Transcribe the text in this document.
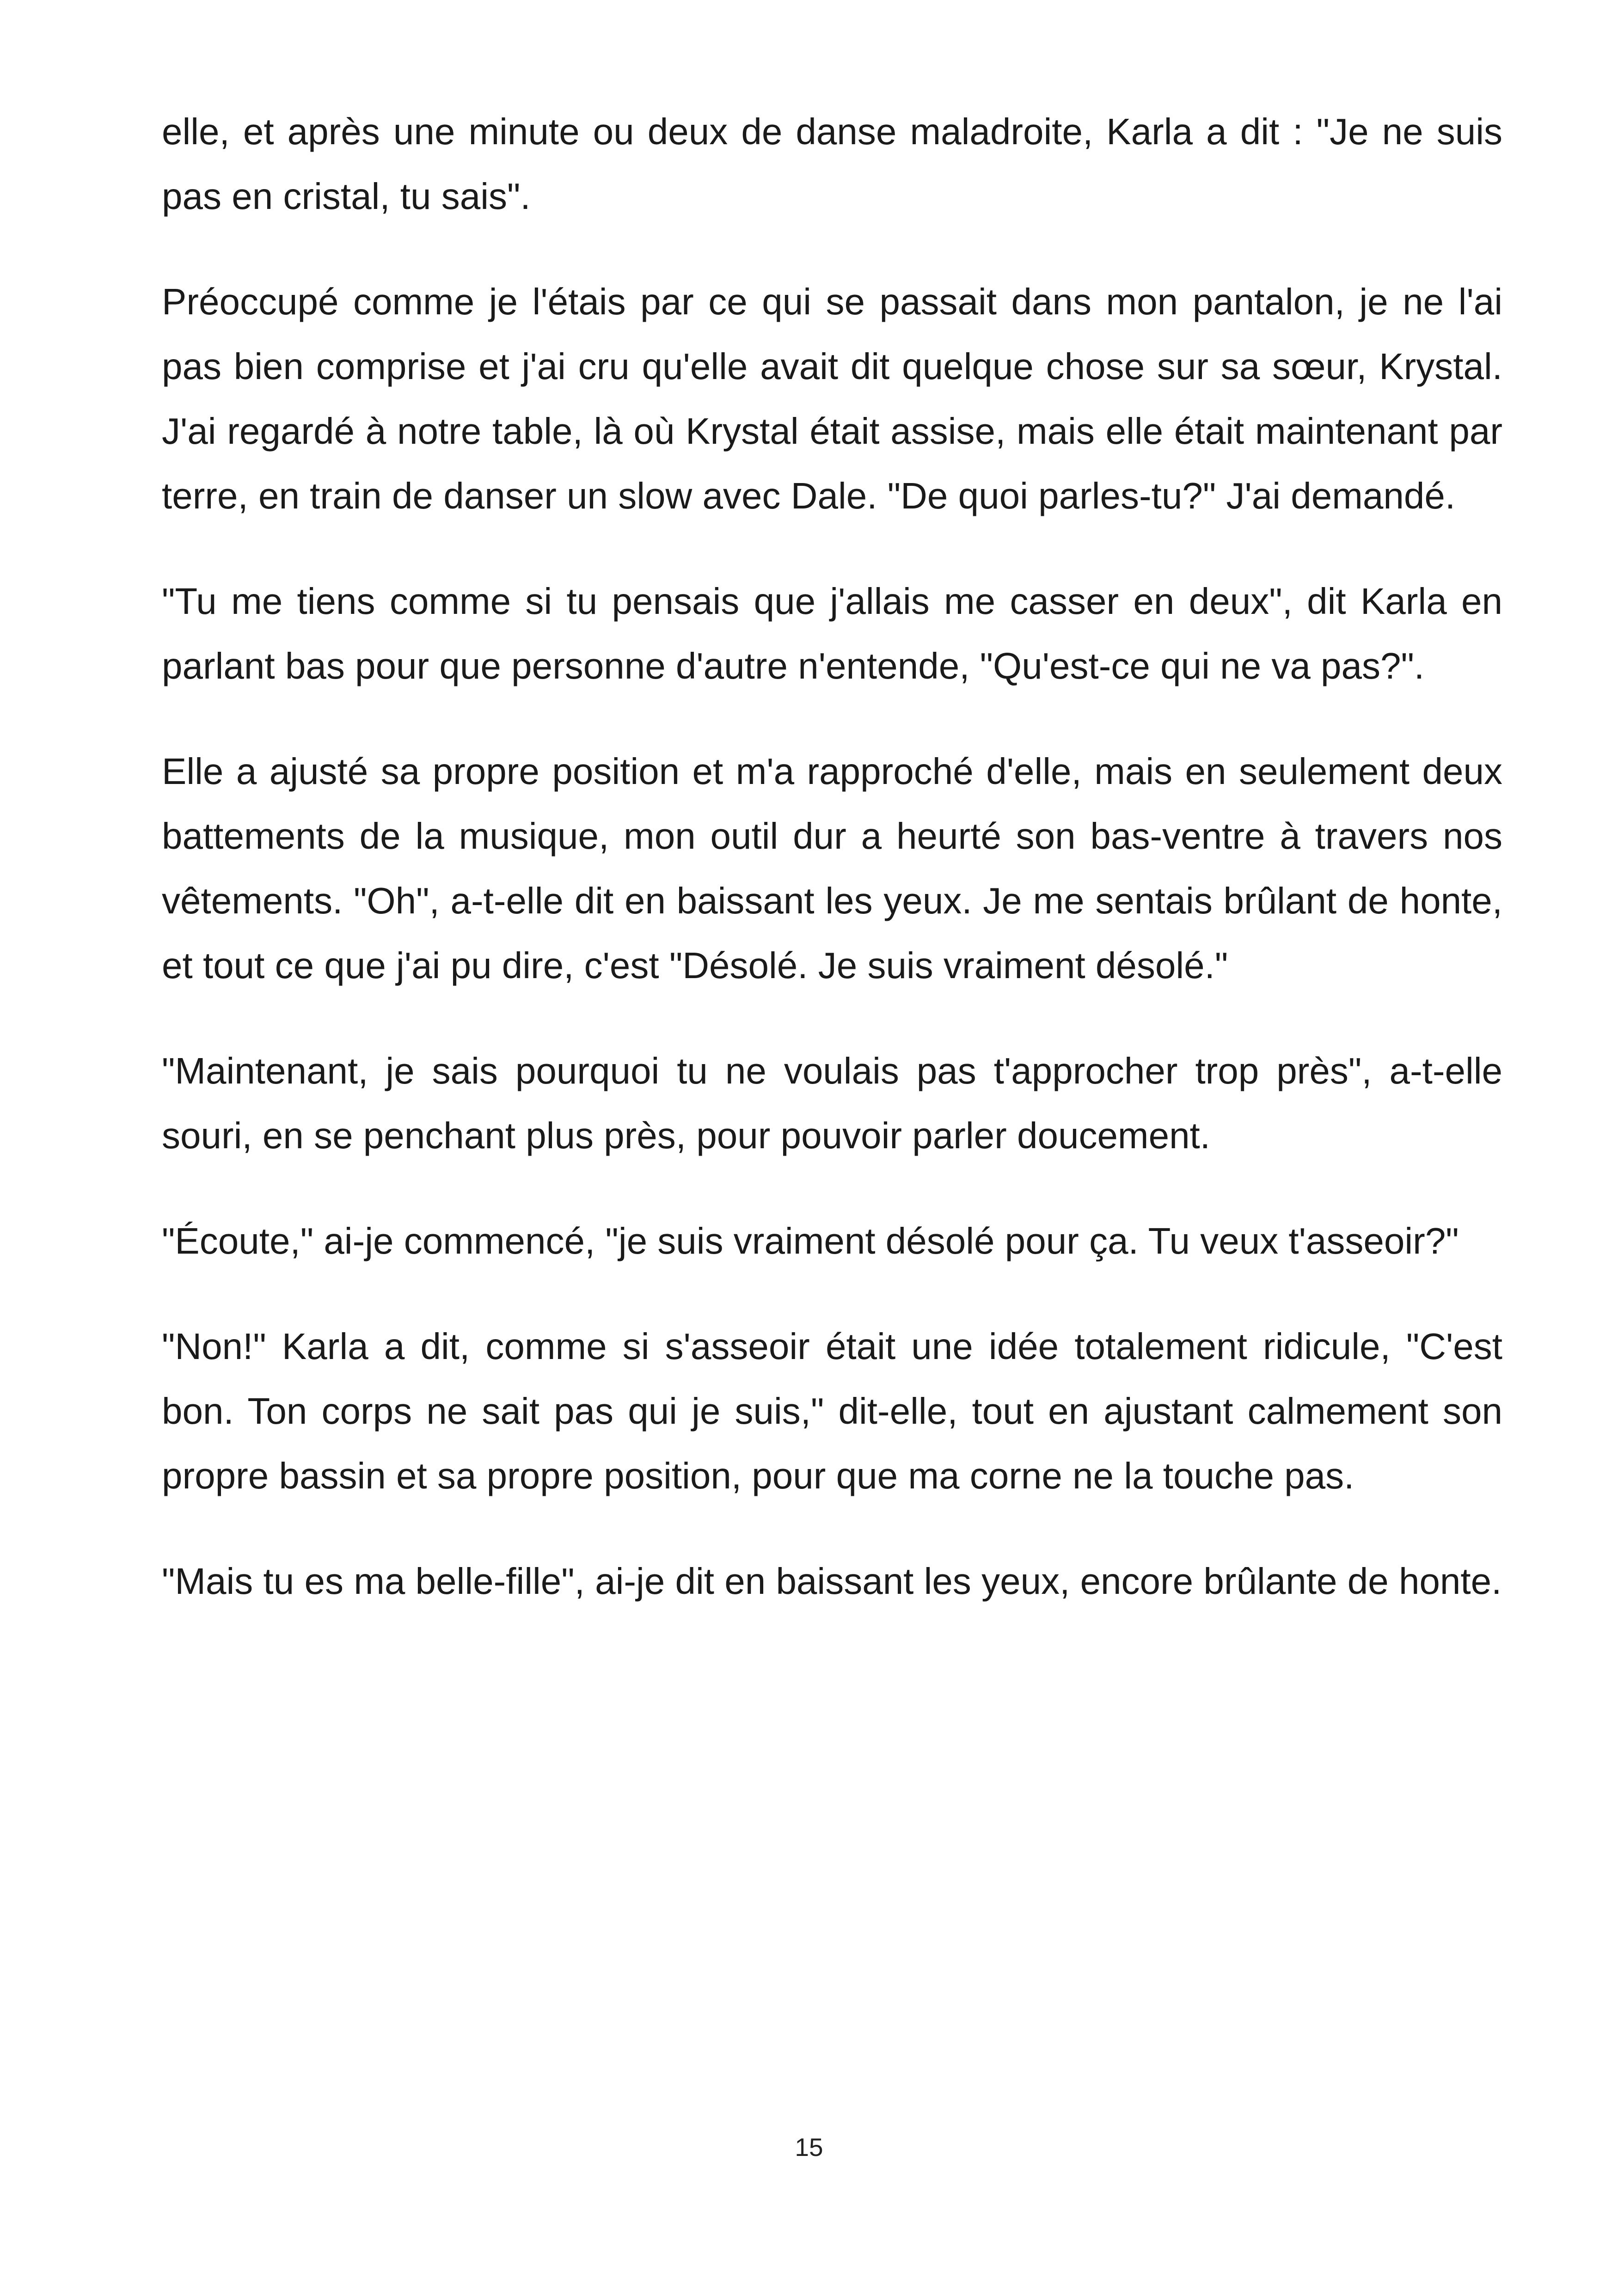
elle, et après une minute ou deux de danse maladroite, Karla a dit : "Je ne suis pas en cristal, tu sais".

Préoccupé comme je l'étais par ce qui se passait dans mon pantalon, je ne l'ai pas bien comprise et j'ai cru qu'elle avait dit quelque chose sur sa sœur, Krystal. J'ai regardé à notre table, là où Krystal était assise, mais elle était maintenant par terre, en train de danser un slow avec Dale. "De quoi parles-tu?" J'ai demandé.

"Tu me tiens comme si tu pensais que j'allais me casser en deux", dit Karla en parlant bas pour que personne d'autre n'entende, "Qu'est-ce qui ne va pas?".

Elle a ajusté sa propre position et m'a rapproché d'elle, mais en seulement deux battements de la musique, mon outil dur a heurté son bas-ventre à travers nos vêtements. "Oh", a-t-elle dit en baissant les yeux. Je me sentais brûlant de honte, et tout ce que j'ai pu dire, c'est "Désolé. Je suis vraiment désolé."

"Maintenant, je sais pourquoi tu ne voulais pas t'approcher trop près", a-t-elle souri, en se penchant plus près, pour pouvoir parler doucement.

"Écoute," ai-je commencé, "je suis vraiment désolé pour ça. Tu veux t'asseoir?"

"Non!" Karla a dit, comme si s'asseoir était une idée totalement ridicule, "C'est bon. Ton corps ne sait pas qui je suis," dit-elle, tout en ajustant calmement son propre bassin et sa propre position, pour que ma corne ne la touche pas.

"Mais tu es ma belle-fille", ai-je dit en baissant les yeux, encore brûlante de honte.

15
